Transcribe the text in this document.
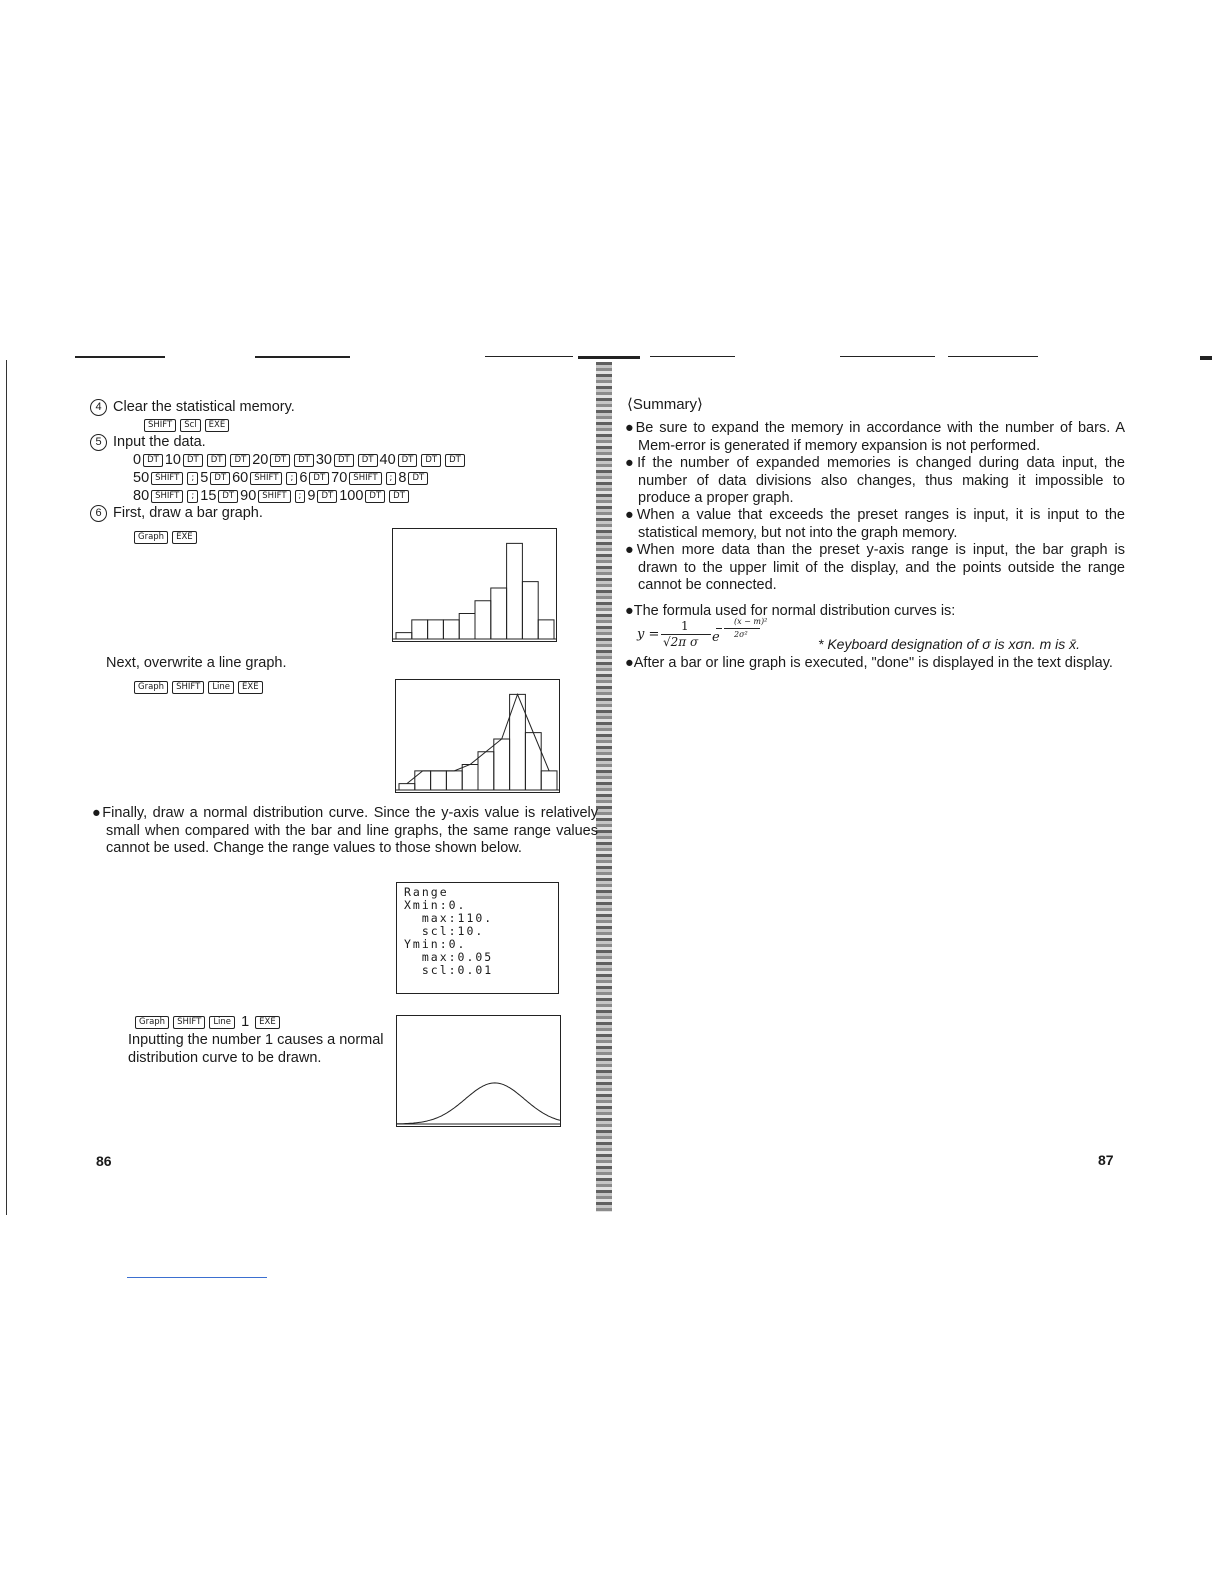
4 Clear the statistical memory.
SHIFT Scl EXE
5 Input the data.
0 DT 10 DT DT DT 20 DT DT 30 DT DT 40 DT DT DT
50 SHIFT ; 5 DT 60 SHIFT ; 6 DT 70 SHIFT ; 8 DT
80 SHIFT ; 15 DT 90 SHIFT ; 9 DT 100 DT DT
6 First, draw a bar graph.
Graph EXE
Next, overwrite a line graph.
Graph SHIFT Line EXE
●Finally, draw a normal distribution curve. Since the y-axis value is relatively small when compared with the bar and line graphs, the same range values cannot be used. Change the range values to those shown below.
Range
Xmin:0.
max:110.
scl:10.
Ymin:0.
max:0.05
scl:0.01
Graph SHIFT Line 1 EXE
Inputting the number 1 causes a normal
distribution curve to be drawn.
86
⟨Summary⟩
●Be sure to expand the memory in accordance with the number of bars. A Mem-error is generated if memory expansion is not performed.
●If the number of expanded memories is changed during data input, the number of data divisions also changes, thus making it impossible to produce a proper graph.
●When a value that exceeds the preset ranges is input, it is input to the statistical memory, but not into the graph memory.
●When more data than the preset y-axis range is input, the bar graph is drawn to the upper limit of the display, and the points outside the range cannot be connected.
●The formula used for normal distribution curves is:
y =
1
√2π σ e
(x − m)²
2σ²
* Keyboard designation of σ is xσn. m is x̄.
●After a bar or line graph is executed, "done" is displayed in the text display.
87
